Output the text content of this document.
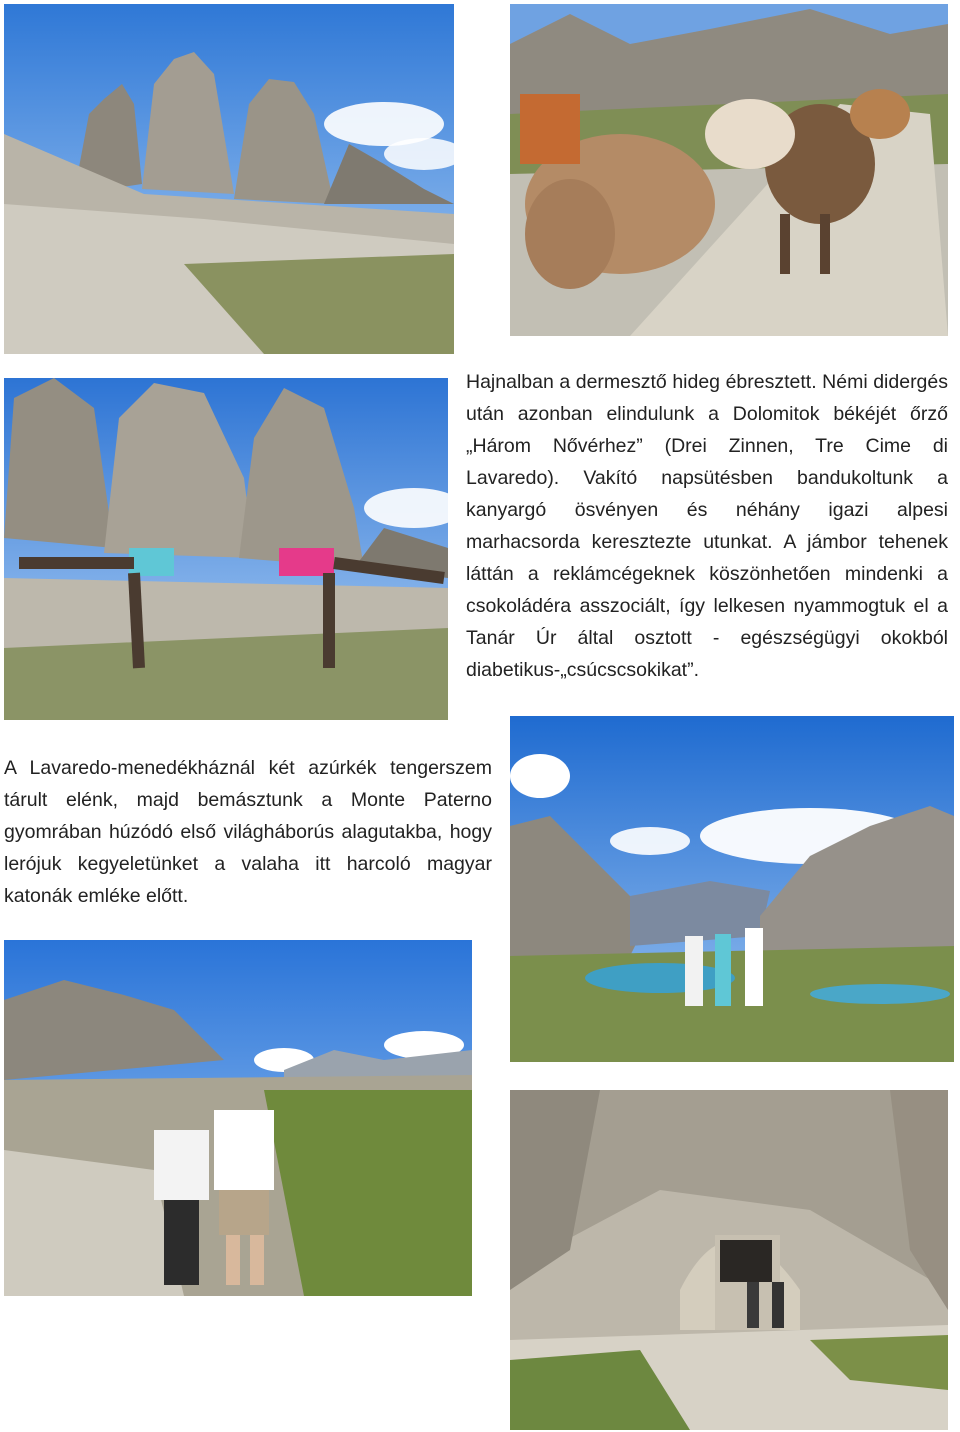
Hajnalban a dermesztő hideg ébresztett. Némi didergés után azonban elindulunk a Dolomitok békéjét őrző „Három Nővérhez” (Drei Zinnen, Tre Cime di Lavaredo). Vakító napsütésben bandukoltunk a kanyargó ösvényen és néhány igazi alpesi marhacsorda keresztezte utunkat. A jámbor tehenek láttán a reklámcégeknek köszönhetően mindenki a csokoládéra asszociált, így lelkesen nyammogtuk el a Tanár Úr által osztott - egészségügyi okokból diabetikus-„csúcscsokikat”.

A Lavaredo-menedékháznál két azúrkék tengerszem tárult elénk, majd bemásztunk a Monte Paterno gyomrában húzódó első világháborús alagutakba, hogy lerójuk kegyeletünket a valaha itt harcoló magyar katonák emléke előtt.
